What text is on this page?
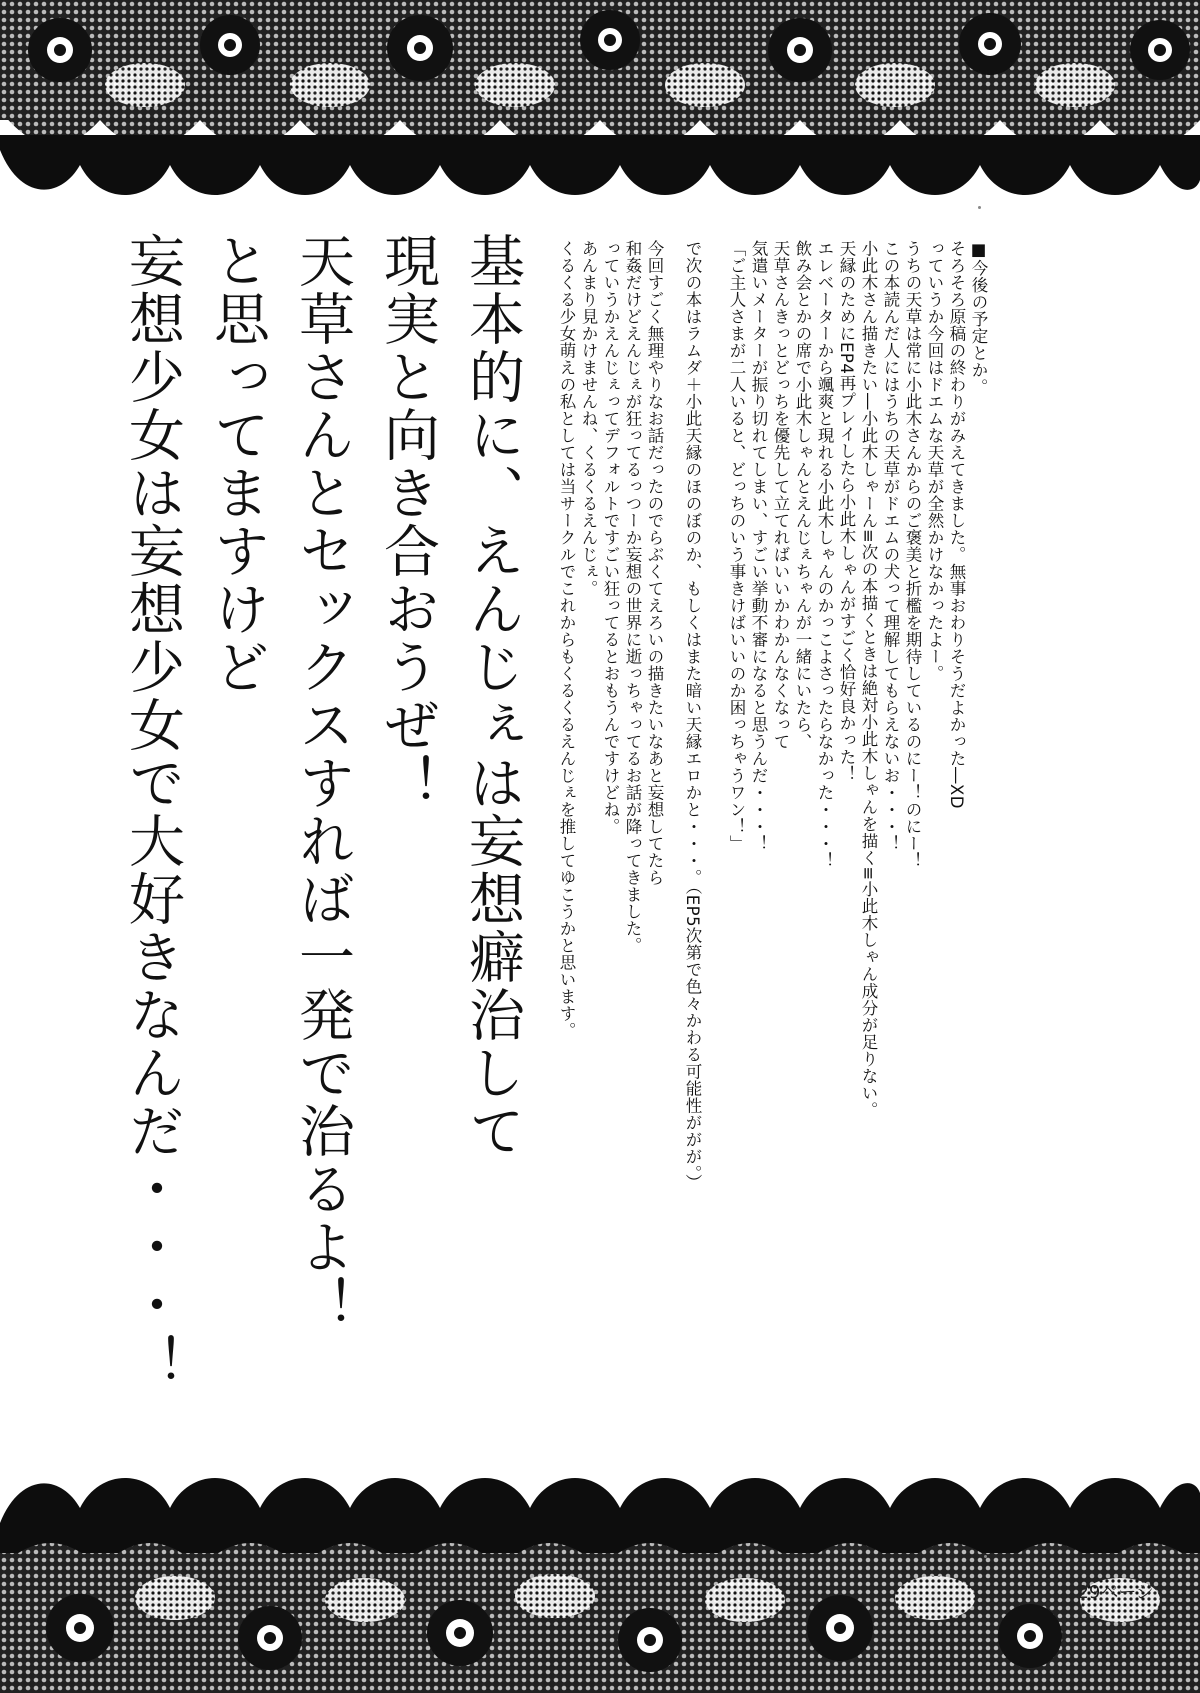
■今後の予定とか。
そろそろ原稿の終わりがみえてきました。無事おわりそうだよかった―XD
っていうか今回はドエムな天草が全然かけなかったよー。
うちの天草は常に小此木さんからのご褒美と折檻を期待しているのにー！のにー！
この本読んだ人にはうちの天草がドエムの犬って理解してもらえないお・・・！
小此木さん描きたい―小此木しゃーん≡次の本描くときは絶対小此木しゃんを描く≡小此木しゃん成分が足りない。
天縁のためにEP4再プレイしたら小此木しゃんがすごく恰好良かった！
エレベーターから颯爽と現れる小此木しゃんのかっこよさったらなかった・・・！
飲み会とかの席で小此木しゃんとえんじぇちゃんが一緒にいたら、
天草さんきっとどっちを優先して立てればいいかわかんなくなって
気遣いメーターが振り切れてしまい、すごい挙動不審になると思うんだ・・・！
「ご主人さまが二人いると、どっちのいう事きけばいいのか困っちゃうワン！」
で次の本はラムダ＋小此天縁のほのぼのか、もしくはまた暗い天縁エロかと・・・。（EP5次第で色々かわる可能性ががが。）
今回すごく無理やりなお話だったのでらぶくてえろいの描きたいなあと妄想してたら
和姦だけどえんじぇが狂ってるっつーか妄想の世界に逝っちゃってるお話が降ってきました。
っていうかえんじぇってデフォルトですごい狂ってるとおもうんですけどね。
あんまり見かけませんね、くるくるえんじぇ。
くるくる少女萌えの私としては当サークルでこれからもくるくるえんじぇを推してゆこうかと思います。
基本的に、えんじぇは妄想癖治して
現実と向き合おうぜ！
天草さんとセックスすれば一発で治るよ！
と思ってますけど
妄想少女は妄想少女で大好きなんだ・・・！
29ページ
